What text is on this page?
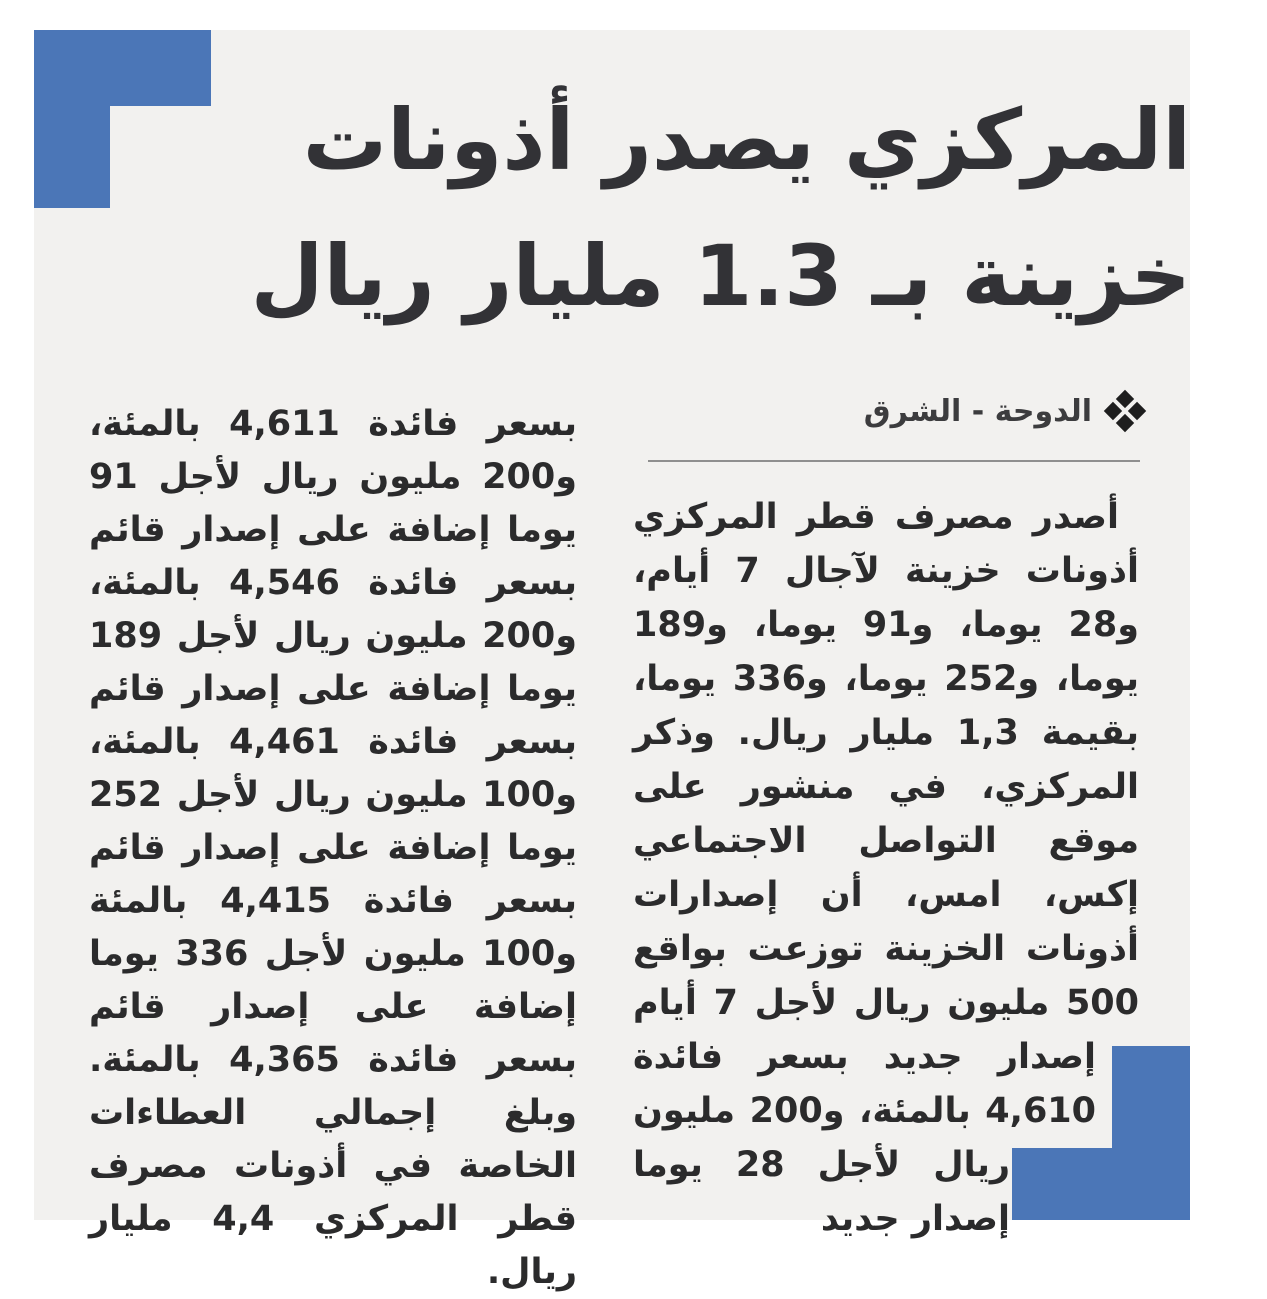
المركزي يصدر أذونات
خزينة بـ 1.3 مليار ريال
الدوحة - الشرق

أصدر مصرف قطر المركزي أذونات خزينة لآجال 7 أيام، و28 يوما، و91 يوما، و189 يوما، و252 يوما، و336 يوما، بقيمة 1,3 مليار ريال. وذكر المركزي، في منشور على موقع التواصل الاجتماعي إكس، امس، أن إصدارات أذونات الخزينة توزعت بواقع 500 مليون ريال لأجل 7 أيام إصدار جديد بسعر فائدة 4,610 بالمئة، و200 مليون ريال لأجل 28 يوما إصدار جديد

بسعر فائدة 4,611 بالمئة، و200 مليون ريال لأجل 91 يوما إضافة على إصدار قائم بسعر فائدة 4,546 بالمئة، و200 مليون ريال لأجل 189 يوما إضافة على إصدار قائم بسعر فائدة 4,461 بالمئة، و100 مليون ريال لأجل 252 يوما إضافة على إصدار قائم بسعر فائدة 4,415 بالمئة و100 مليون لأجل 336 يوما إضافة على إصدار قائم بسعر فائدة 4,365 بالمئة. وبلغ إجمالي العطاءات الخاصة في أذونات مصرف قطر المركزي 4,4 مليار ريال.
